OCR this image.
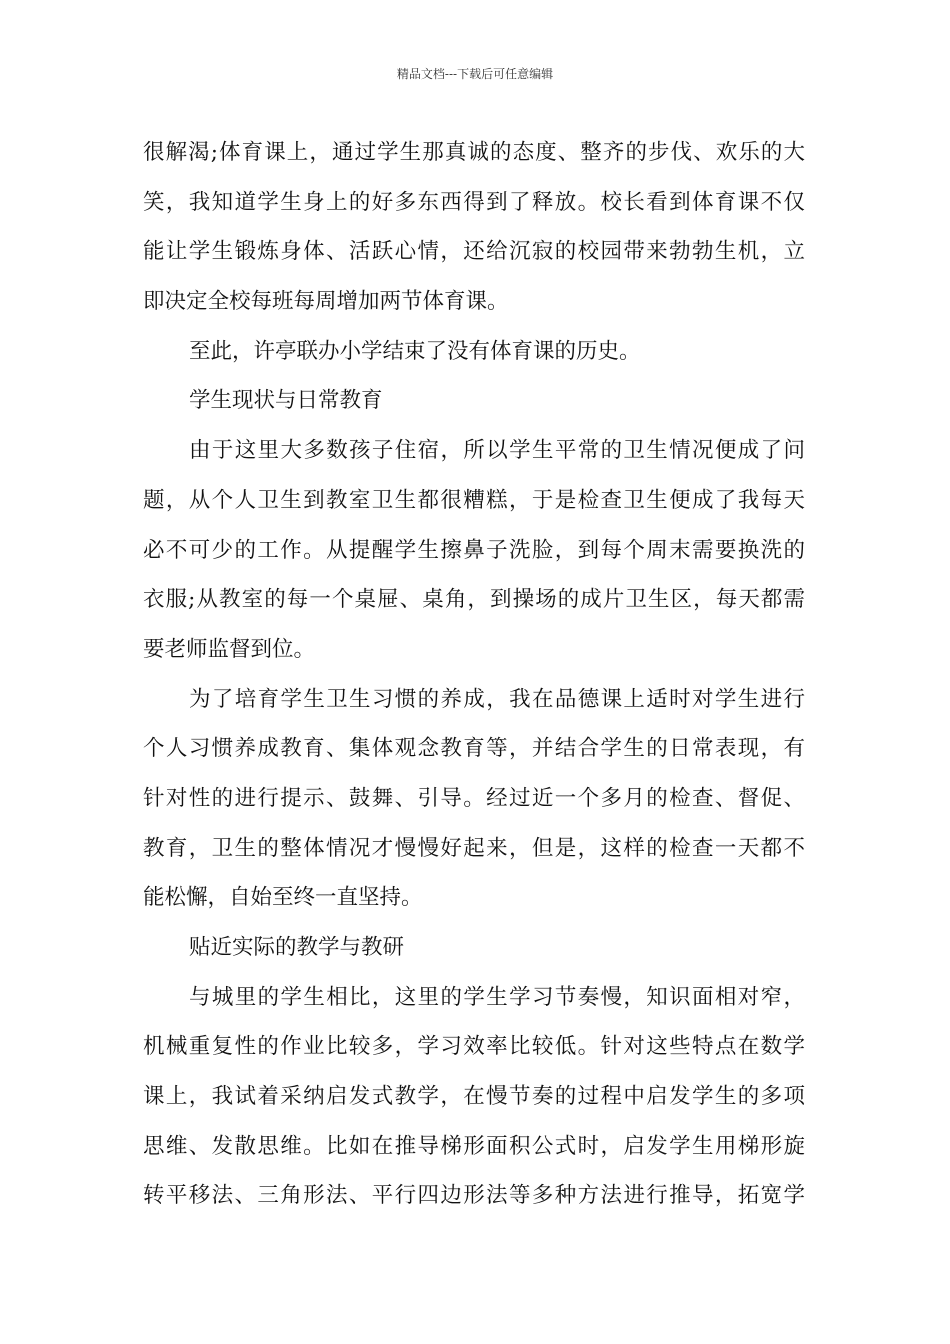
精品文档---下载后可任意编辑
很解渴;体育课上，通过学生那真诚的态度、整齐的步伐、欢乐的大
笑，我知道学生身上的好多东西得到了释放。校长看到体育课不仅
能让学生锻炼身体、活跃心情，还给沉寂的校园带来勃勃生机，立
即决定全校每班每周增加两节体育课。
至此，许亭联办小学结束了没有体育课的历史。
学生现状与日常教育
由于这里大多数孩子住宿，所以学生平常的卫生情况便成了问
题，从个人卫生到教室卫生都很糟糕，于是检查卫生便成了我每天
必不可少的工作。从提醒学生擦鼻子洗脸，到每个周末需要换洗的
衣服;从教室的每一个桌屉、桌角，到操场的成片卫生区，每天都需
要老师监督到位。
为了培育学生卫生习惯的养成，我在品德课上适时对学生进行
个人习惯养成教育、集体观念教育等，并结合学生的日常表现，有
针对性的进行提示、鼓舞、引导。经过近一个多月的检查、督促、
教育，卫生的整体情况才慢慢好起来，但是，这样的检查一天都不
能松懈，自始至终一直坚持。
贴近实际的教学与教研
与城里的学生相比，这里的学生学习节奏慢，知识面相对窄，
机械重复性的作业比较多，学习效率比较低。针对这些特点在数学
课上，我试着采纳启发式教学，在慢节奏的过程中启发学生的多项
思维、发散思维。比如在推导梯形面积公式时，启发学生用梯形旋
转平移法、三角形法、平行四边形法等多种方法进行推导，拓宽学
